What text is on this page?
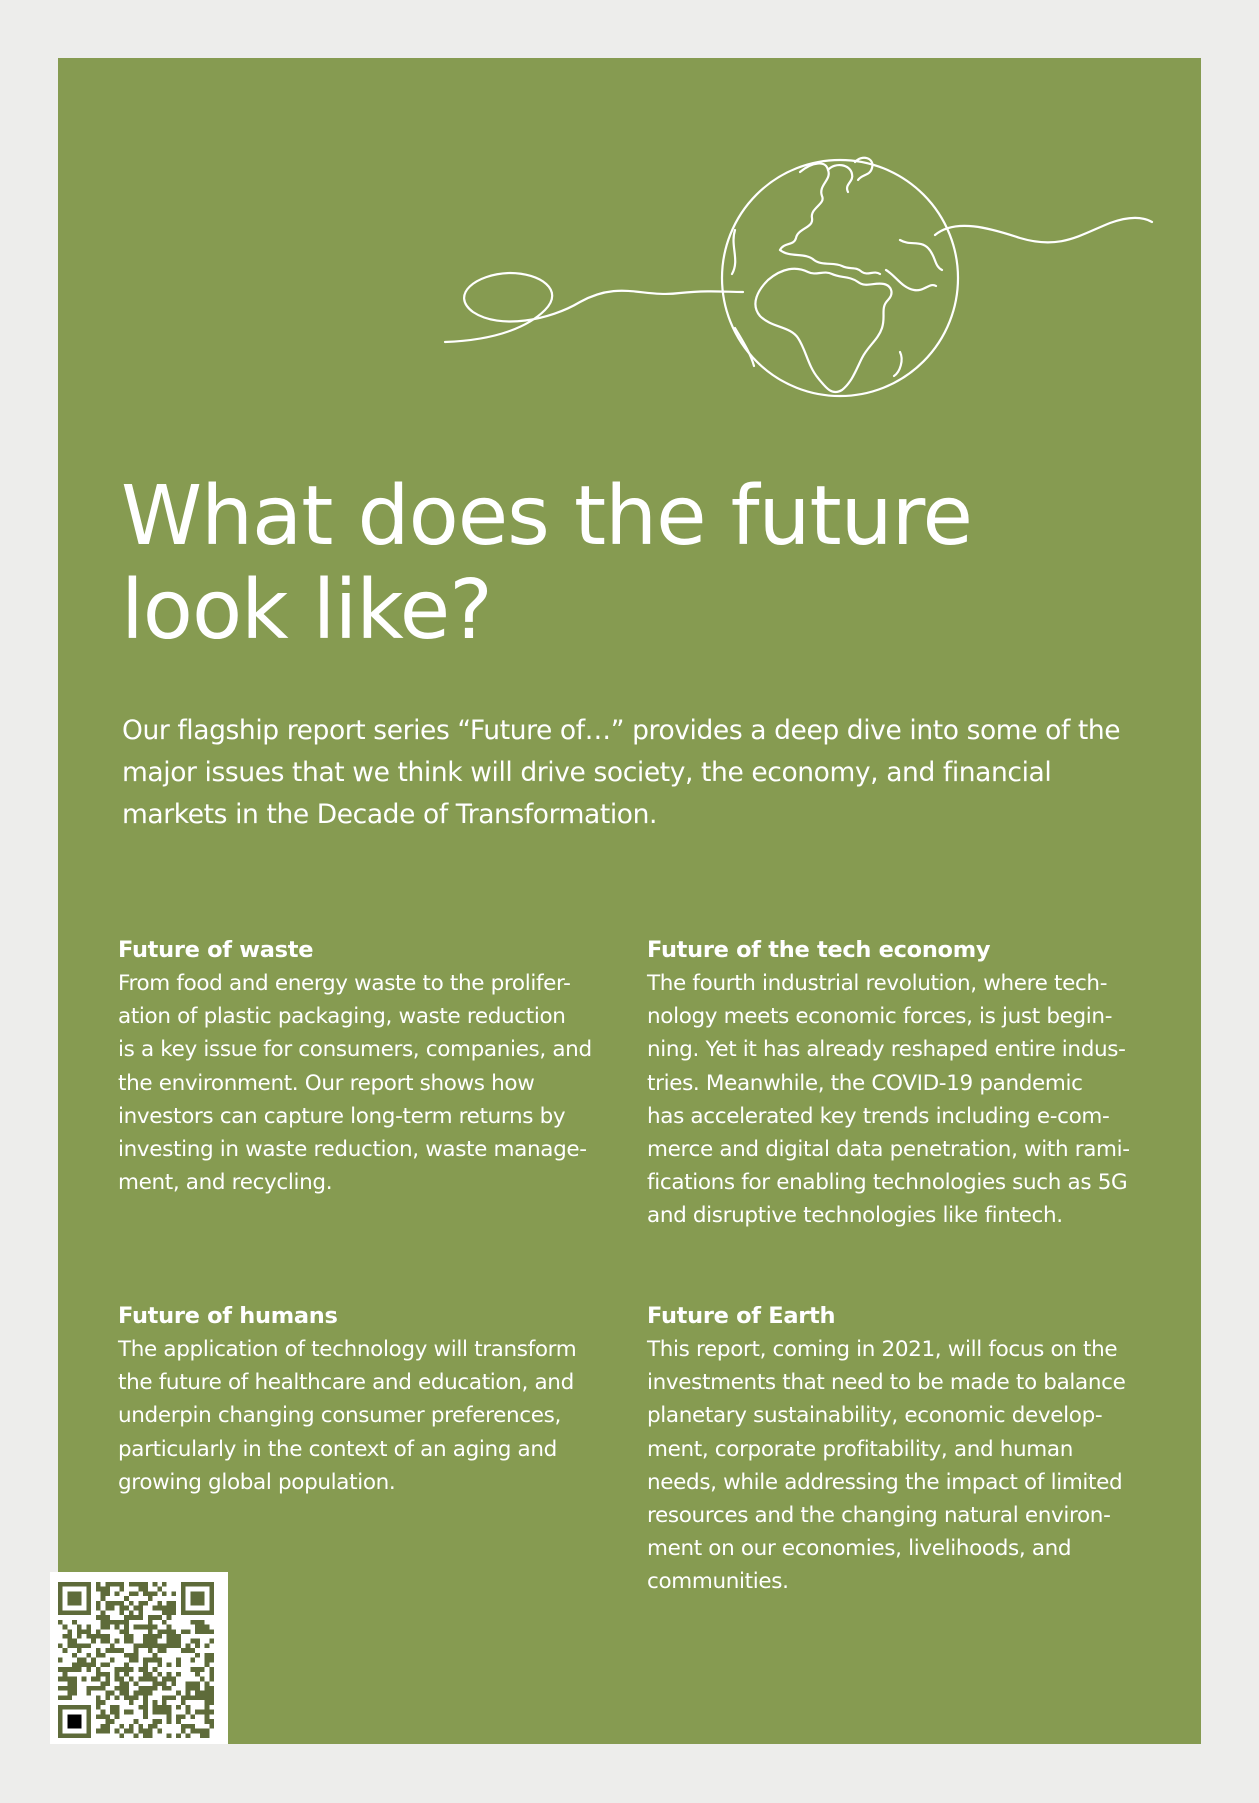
What does the future
look like?

Our flagship report series “Future of…” provides a deep dive into some of the major issues that we think will drive society, the economy, and financial markets in the Decade of Transformation.

Future of waste

From food and energy waste to the prolifer-
ation of plastic packaging, waste reduction
is a key issue for consumers, companies, and
the environment. Our report shows how
investors can capture long-term returns by
investing in waste reduction, waste manage-
ment, and recycling.

Future of the tech economy

The fourth industrial revolution, where tech-
nology meets economic forces, is just begin-
ning. Yet it has already reshaped entire indus-
tries. Meanwhile, the COVID-19 pandemic
has accelerated key trends including e-com-
merce and digital data penetration, with rami-
fications for enabling technologies such as 5G
and disruptive technologies like fintech.

Future of humans

The application of technology will transform
the future of healthcare and education, and
underpin changing consumer preferences,
particularly in the context of an aging and
growing global population.

Future of Earth

This report, coming in 2021, will focus on the
investments that need to be made to balance
planetary sustainability, economic develop-
ment, corporate profitability, and human
needs, while addressing the impact of limited
resources and the changing natural environ-
ment on our economies, livelihoods, and
communities.
